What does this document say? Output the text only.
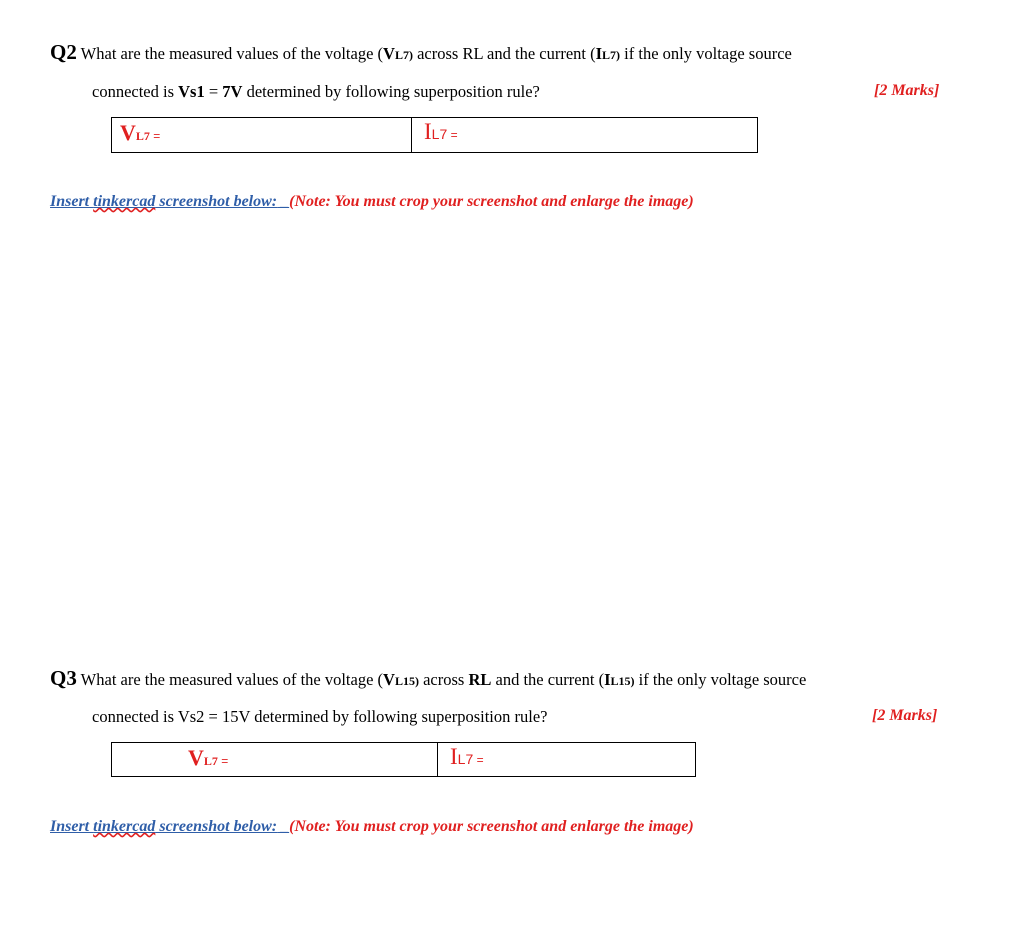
Q2 What are the measured values of the voltage (VL7) across RL and the current (IL7) if the only voltage source
connected is Vs1 = 7V determined by following superposition rule?	[2 Marks]
VL7 =	IL7 =
Insert tinkercad screenshot below: _(Note: You must crop your screenshot and enlarge the image)
Q3 What are the measured values of the voltage (VL15) across RL and the current (IL15) if the only voltage source
connected is Vs2 = 15V determined by following superposition rule?	[2 Marks]
VL7 =	IL7 =
Insert tinkercad screenshot below: _(Note: You must crop your screenshot and enlarge the image)
